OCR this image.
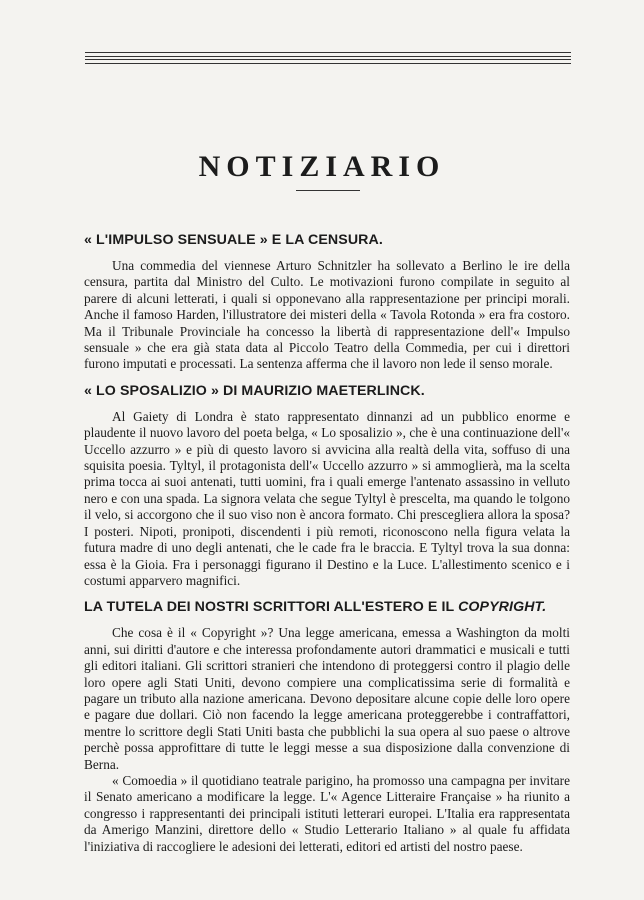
NOTIZIARIO
« L'IMPULSO SENSUALE » E LA CENSURA.

Una commedia del viennese Arturo Schnitzler ha sollevato a Berlino le ire della censura, partita dal Ministro del Culto. Le motivazioni furono compilate in seguito al parere di alcuni letterati, i quali si opponevano alla rappresentazione per principi morali. Anche il famoso Harden, l'illustratore dei misteri della « Tavola Rotonda » era fra costoro. Ma il Tribunale Provinciale ha concesso la libertà di rappresentazione dell'« Impulso sensuale » che era già stata data al Piccolo Teatro della Commedia, per cui i direttori furono imputati e processati. La sentenza afferma che il lavoro non lede il senso morale.

« LO SPOSALIZIO » DI MAURIZIO MAETERLINCK.

Al Gaiety di Londra è stato rappresentato dinnanzi ad un pubblico enorme e plaudente il nuovo lavoro del poeta belga, « Lo sposalizio », che è una continuazione dell'« Uccello azzurro » e più di questo lavoro si avvicina alla realtà della vita, soffuso di una squisita poesia. Tyltyl, il protagonista dell'« Uccello azzurro » si ammoglierà, ma la scelta prima tocca ai suoi antenati, tutti uomini, fra i quali emerge l'antenato assassino in velluto nero e con una spada. La signora velata che segue Tyltyl è prescelta, ma quando le tolgono il velo, si accorgono che il suo viso non è ancora formato. Chi prescegliera allora la sposa? I posteri. Nipoti, pronipoti, discendenti i più remoti, riconoscono nella figura velata la futura madre di uno degli antenati, che le cade fra le braccia. E Tyltyl trova la sua donna: essa è la Gioia. Fra i personaggi figurano il Destino e la Luce. L'allestimento scenico e i costumi apparvero magnifici.

LA TUTELA DEI NOSTRI SCRITTORI ALL'ESTERO E IL COPYRIGHT.

Che cosa è il « Copyright »? Una legge americana, emessa a Washington da molti anni, sui diritti d'autore e che interessa profondamente autori drammatici e musicali e tutti gli editori italiani. Gli scrittori stranieri che intendono di proteggersi contro il plagio delle loro opere agli Stati Uniti, devono compiere una complicatissima serie di formalità e pagare un tributo alla nazione americana. Devono depositare alcune copie delle loro opere e pagare due dollari. Ciò non facendo la legge americana proteggerebbe i contraffattori, mentre lo scrittore degli Stati Uniti basta che pubblichi la sua opera al suo paese o altrove perchè possa approfittare di tutte le leggi messe a sua disposizione dalla convenzione di Berna.

« Comoedia » il quotidiano teatrale parigino, ha promosso una campagna per invitare il Senato americano a modificare la legge. L'« Agence Litteraire Française » ha riunito a congresso i rappresentanti dei principali istituti letterari europei. L'Italia era rappresentata da Amerigo Manzini, direttore dello « Studio Letterario Italiano » al quale fu affidata l'iniziativa di raccogliere le adesioni dei letterati, editori ed artisti del nostro paese.
